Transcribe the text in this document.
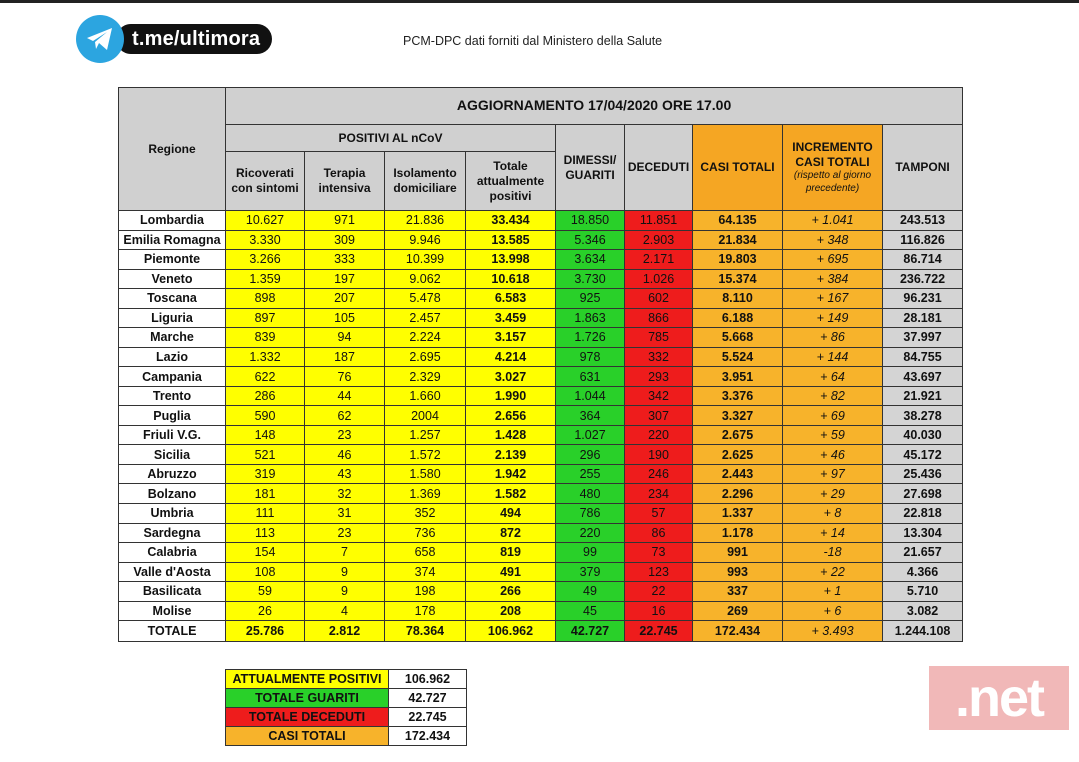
t.me/ultimora	PCM-DPC dati forniti dal Ministero della Salute
Regione	AGGIORNAMENTO 17/04/2020 ORE 17.00								
	POSITIVI AL nCoV				DIMESSI/ GUARITI	DECEDUTI	CASI TOTALI	INCREMENTO CASI TOTALI
(rispetto al giorno precedente)	TAMPONI
	Ricoverati con sintomi	Terapia intensiva	Isolamento domiciliare	Totale attualmente positivi					
Lombardia	10.627	971	21.836	33.434	18.850	11.851	64.135	+ 1.041	243.513
Emilia Romagna	3.330	309	9.946	13.585	5.346	2.903	21.834	+ 348	116.826
Piemonte	3.266	333	10.399	13.998	3.634	2.171	19.803	+ 695	86.714
Veneto	1.359	197	9.062	10.618	3.730	1.026	15.374	+ 384	236.722
Toscana	898	207	5.478	6.583	925	602	8.110	+ 167	96.231
Liguria	897	105	2.457	3.459	1.863	866	6.188	+ 149	28.181
Marche	839	94	2.224	3.157	1.726	785	5.668	+ 86	37.997
Lazio	1.332	187	2.695	4.214	978	332	5.524	+ 144	84.755
Campania	622	76	2.329	3.027	631	293	3.951	+ 64	43.697
Trento	286	44	1.660	1.990	1.044	342	3.376	+ 82	21.921
Puglia	590	62	2004	2.656	364	307	3.327	+ 69	38.278
Friuli V.G.	148	23	1.257	1.428	1.027	220	2.675	+ 59	40.030
Sicilia	521	46	1.572	2.139	296	190	2.625	+ 46	45.172
Abruzzo	319	43	1.580	1.942	255	246	2.443	+ 97	25.436
Bolzano	181	32	1.369	1.582	480	234	2.296	+ 29	27.698
Umbria	111	31	352	494	786	57	1.337	+ 8	22.818
Sardegna	113	23	736	872	220	86	1.178	+ 14	13.304
Calabria	154	7	658	819	99	73	991	-18	21.657
Valle d'Aosta	108	9	374	491	379	123	993	+ 22	4.366
Basilicata	59	9	198	266	49	22	337	+ 1	5.710
Molise	26	4	178	208	45	16	269	+ 6	3.082
TOTALE	25.786	2.812	78.364	106.962	42.727	22.745	172.434	+ 3.493	1.244.108
ATTUALMENTE POSITIVI	106.962
TOTALE GUARITI	42.727
TOTALE DECEDUTI	22.745
CASI TOTALI	172.434
.net
